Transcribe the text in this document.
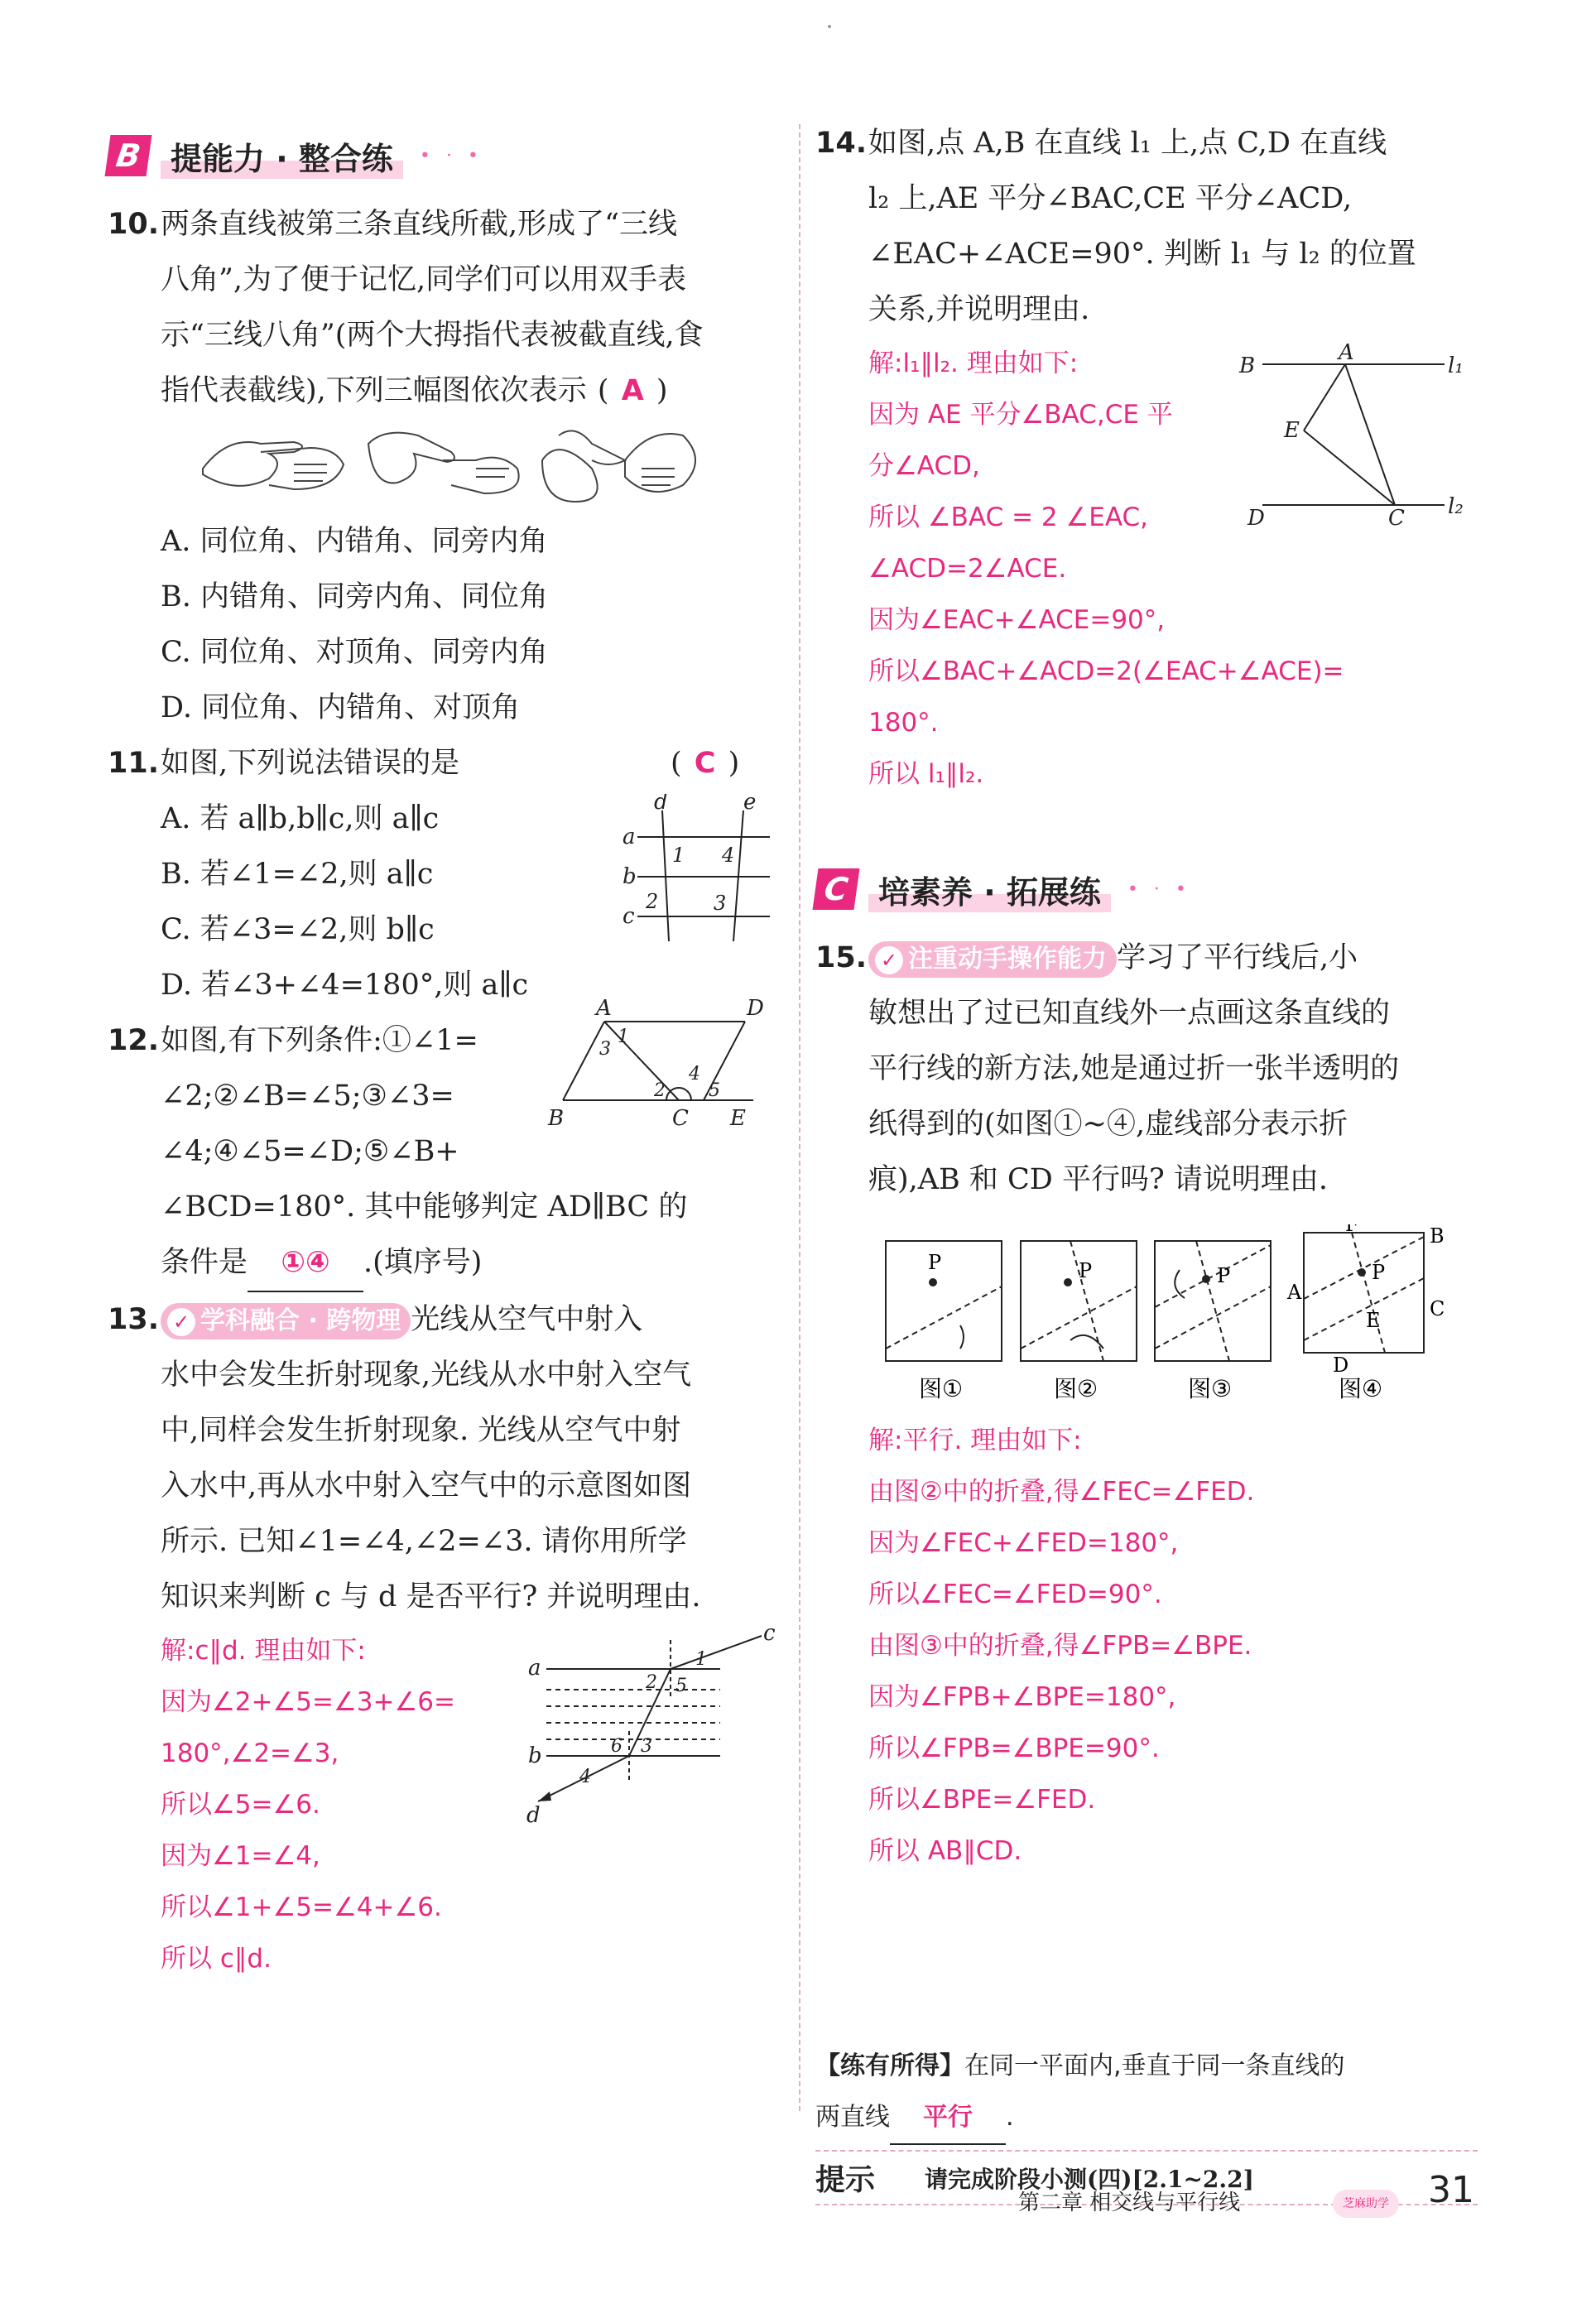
B 提能力 · 整合练	• · •
10.两条直线被第三条直线所截,形成了“三线
八角”,为了便于记忆,同学们可以用双手表
示“三线八角”(两个大拇指代表被截直线,食
指代表截线),下列三幅图依次表示 ( A )
A. 同位角、内错角、同旁内角
B. 内错角、同旁内角、同位角
C. 同位角、对顶角、同旁内角
D. 同位角、内错角、对顶角
11.如图,下列说法错误的是	( C )
A. 若 a∥b,b∥c,则 a∥c
B. 若∠1=∠2,则 a∥c
C. 若∠3=∠2,则 b∥c
D. 若∠3+∠4=180°,则 a∥c
d	e
a
b
c
1 4
2	3
12.如图,有下列条件:①∠1=
∠2;②∠B=∠5;③∠3=
∠4;④∠5=∠D;⑤∠B+
∠BCD=180°. 其中能够判定 AD∥BC 的
条件是 ①④ .(填序号)
A	D
B	C E
1
3
2
4
5
13. ✓ 学科融合 · 跨物理 光线从空气中射入
水中会发生折射现象,光线从水中射入空气
中,同样会发生折射现象. 光线从空气中射
入水中,再从水中射入空气中的示意图如图
所示. 已知∠1=∠4,∠2=∠3. 请你用所学
知识来判断 c 与 d 是否平行? 并说明理由.
解:c∥d. 理由如下:
因为∠2+∠5=∠3+∠6=
180°,∠2=∠3,
所以∠5=∠6.
因为∠1=∠4,
所以∠1+∠5=∠4+∠6.
所以 c∥d.
a
b
c
d
1
2 5
6 3
4
14.如图,点 A,B 在直线 l₁ 上,点 C,D 在直线
l₂ 上,AE 平分∠BAC,CE 平分∠ACD,
∠EAC+∠ACE=90°. 判断 l₁ 与 l₂ 的位置
关系,并说明理由.
解:l₁∥l₂. 理由如下:
因为 AE 平分∠BAC,CE 平
分∠ACD,
所以 ∠BAC = 2 ∠EAC,
∠ACD=2∠ACE.
因为∠EAC+∠ACE=90°,
所以∠BAC+∠ACD=2(∠EAC+∠ACE)=
180°.
所以 l₁∥l₂.
B
A
l₁
E
D	C l₂
C 培素养 · 拓展练	• · •
15. ✓ 注重动手操作能力 学习了平行线后,小
敏想出了过已知直线外一点画这条直线的
平行线的新方法,她是通过折一张半透明的
纸得到的(如图①~④,虚线部分表示折
痕),AB 和 CD 平行吗? 请说明理由.
P	P	P	P
F	B
A
C
E
D
图①	图②	图③	图④
解:平行. 理由如下:
由图②中的折叠,得∠FEC=∠FED.
因为∠FEC+∠FED=180°,
所以∠FEC=∠FED=90°.
由图③中的折叠,得∠FPB=∠BPE.
因为∠FPB+∠BPE=180°,
所以∠FPB=∠BPE=90°.
所以∠BPE=∠FED.
所以 AB∥CD.
【练有所得】在同一平面内,垂直于同一条直线的
两直线 平行 .
提示 请完成阶段小测(四)[2.1~2.2]
第二章 相交线与平行线	芝麻助学 31
